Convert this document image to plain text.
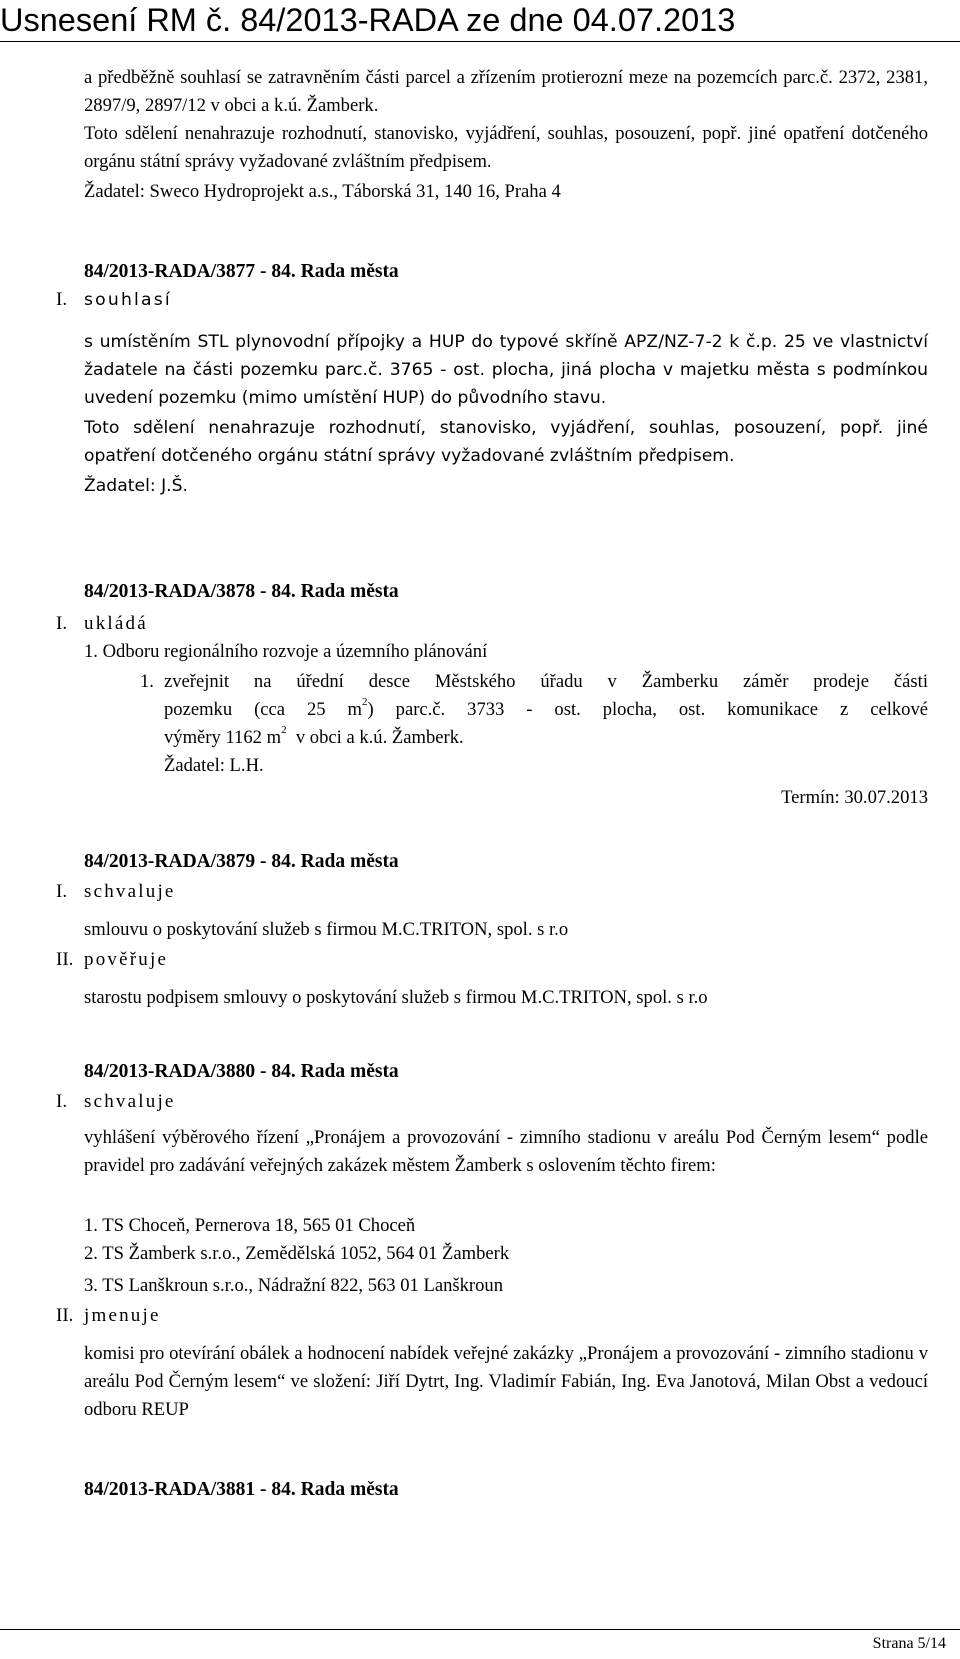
Usnesení RM č. 84/2013-RADA ze dne 04.07.2013

a předběžně souhlasí se zatravněním části parcel a zřízením protierozní meze na pozemcích parc.č. 2372, 2381, 2897/9, 2897/12 v obci a k.ú. Žamberk.

Toto sdělení nenahrazuje rozhodnutí, stanovisko, vyjádření, souhlas, posouzení, popř. jiné opatření dotčeného orgánu státní správy vyžadované zvláštním předpisem.

Žadatel: Sweco Hydroprojekt a.s., Táborská 31, 140 16, Praha 4

84/2013-RADA/3877 - 84. Rada města
I. souhlasí

s umístěním STL plynovodní přípojky a HUP do typové skříně APZ/NZ-7-2 k č.p. 25 ve vlastnictví žadatele na části pozemku parc.č. 3765 - ost. plocha, jiná plocha v majetku města s podmínkou uvedení pozemku (mimo umístění HUP) do původního stavu.

Toto sdělení nenahrazuje rozhodnutí, stanovisko, vyjádření, souhlas, posouzení, popř. jiné opatření dotčeného orgánu státní správy vyžadované zvláštním předpisem.

Žadatel: J.Š.

84/2013-RADA/3878 - 84. Rada města
I. ukládá
1. Odboru regionálního rozvoje a územního plánování
1. zveřejnit na úřední desce Městského úřadu v Žamberku záměr prodeje části
pozemku (cca 25 $m^2$) parc.č. 3733 - ost. plocha, ost. komunikace z celkové
výměry 1162 $m^2$  v obci a k.ú. Žamberk.
Žadatel: L.H.
Termín: 30.07.2013
84/2013-RADA/3879 - 84. Rada města
I. schvaluje
smlouvu o poskytování služeb s firmou M.C.TRITON, spol. s r.o
II. pověřuje
starostu podpisem smlouvy o poskytování služeb s firmou M.C.TRITON, spol. s r.o
84/2013-RADA/3880 - 84. Rada města
I. schvaluje

vyhlášení výběrového řízení „Pronájem a provozování - zimního stadionu v areálu Pod Černým lesem“ podle pravidel pro zadávání veřejných zakázek městem Žamberk s oslovením těchto firem:

1. TS Choceň, Pernerova 18, 565 01 Choceň
2. TS Žamberk s.r.o., Zemědělská 1052, 564 01 Žamberk
3. TS Lanškroun s.r.o., Nádražní 822, 563 01 Lanškroun
II. jmenuje

komisi pro otevírání obálek a hodnocení nabídek veřejné zakázky „Pronájem a provozování - zimního stadionu v areálu Pod Černým lesem“ ve složení: Jiří Dytrt, Ing. Vladimír Fabián, Ing. Eva Janotová, Milan Obst a vedoucí odboru REUP

84/2013-RADA/3881 - 84. Rada města
Strana 5/14
